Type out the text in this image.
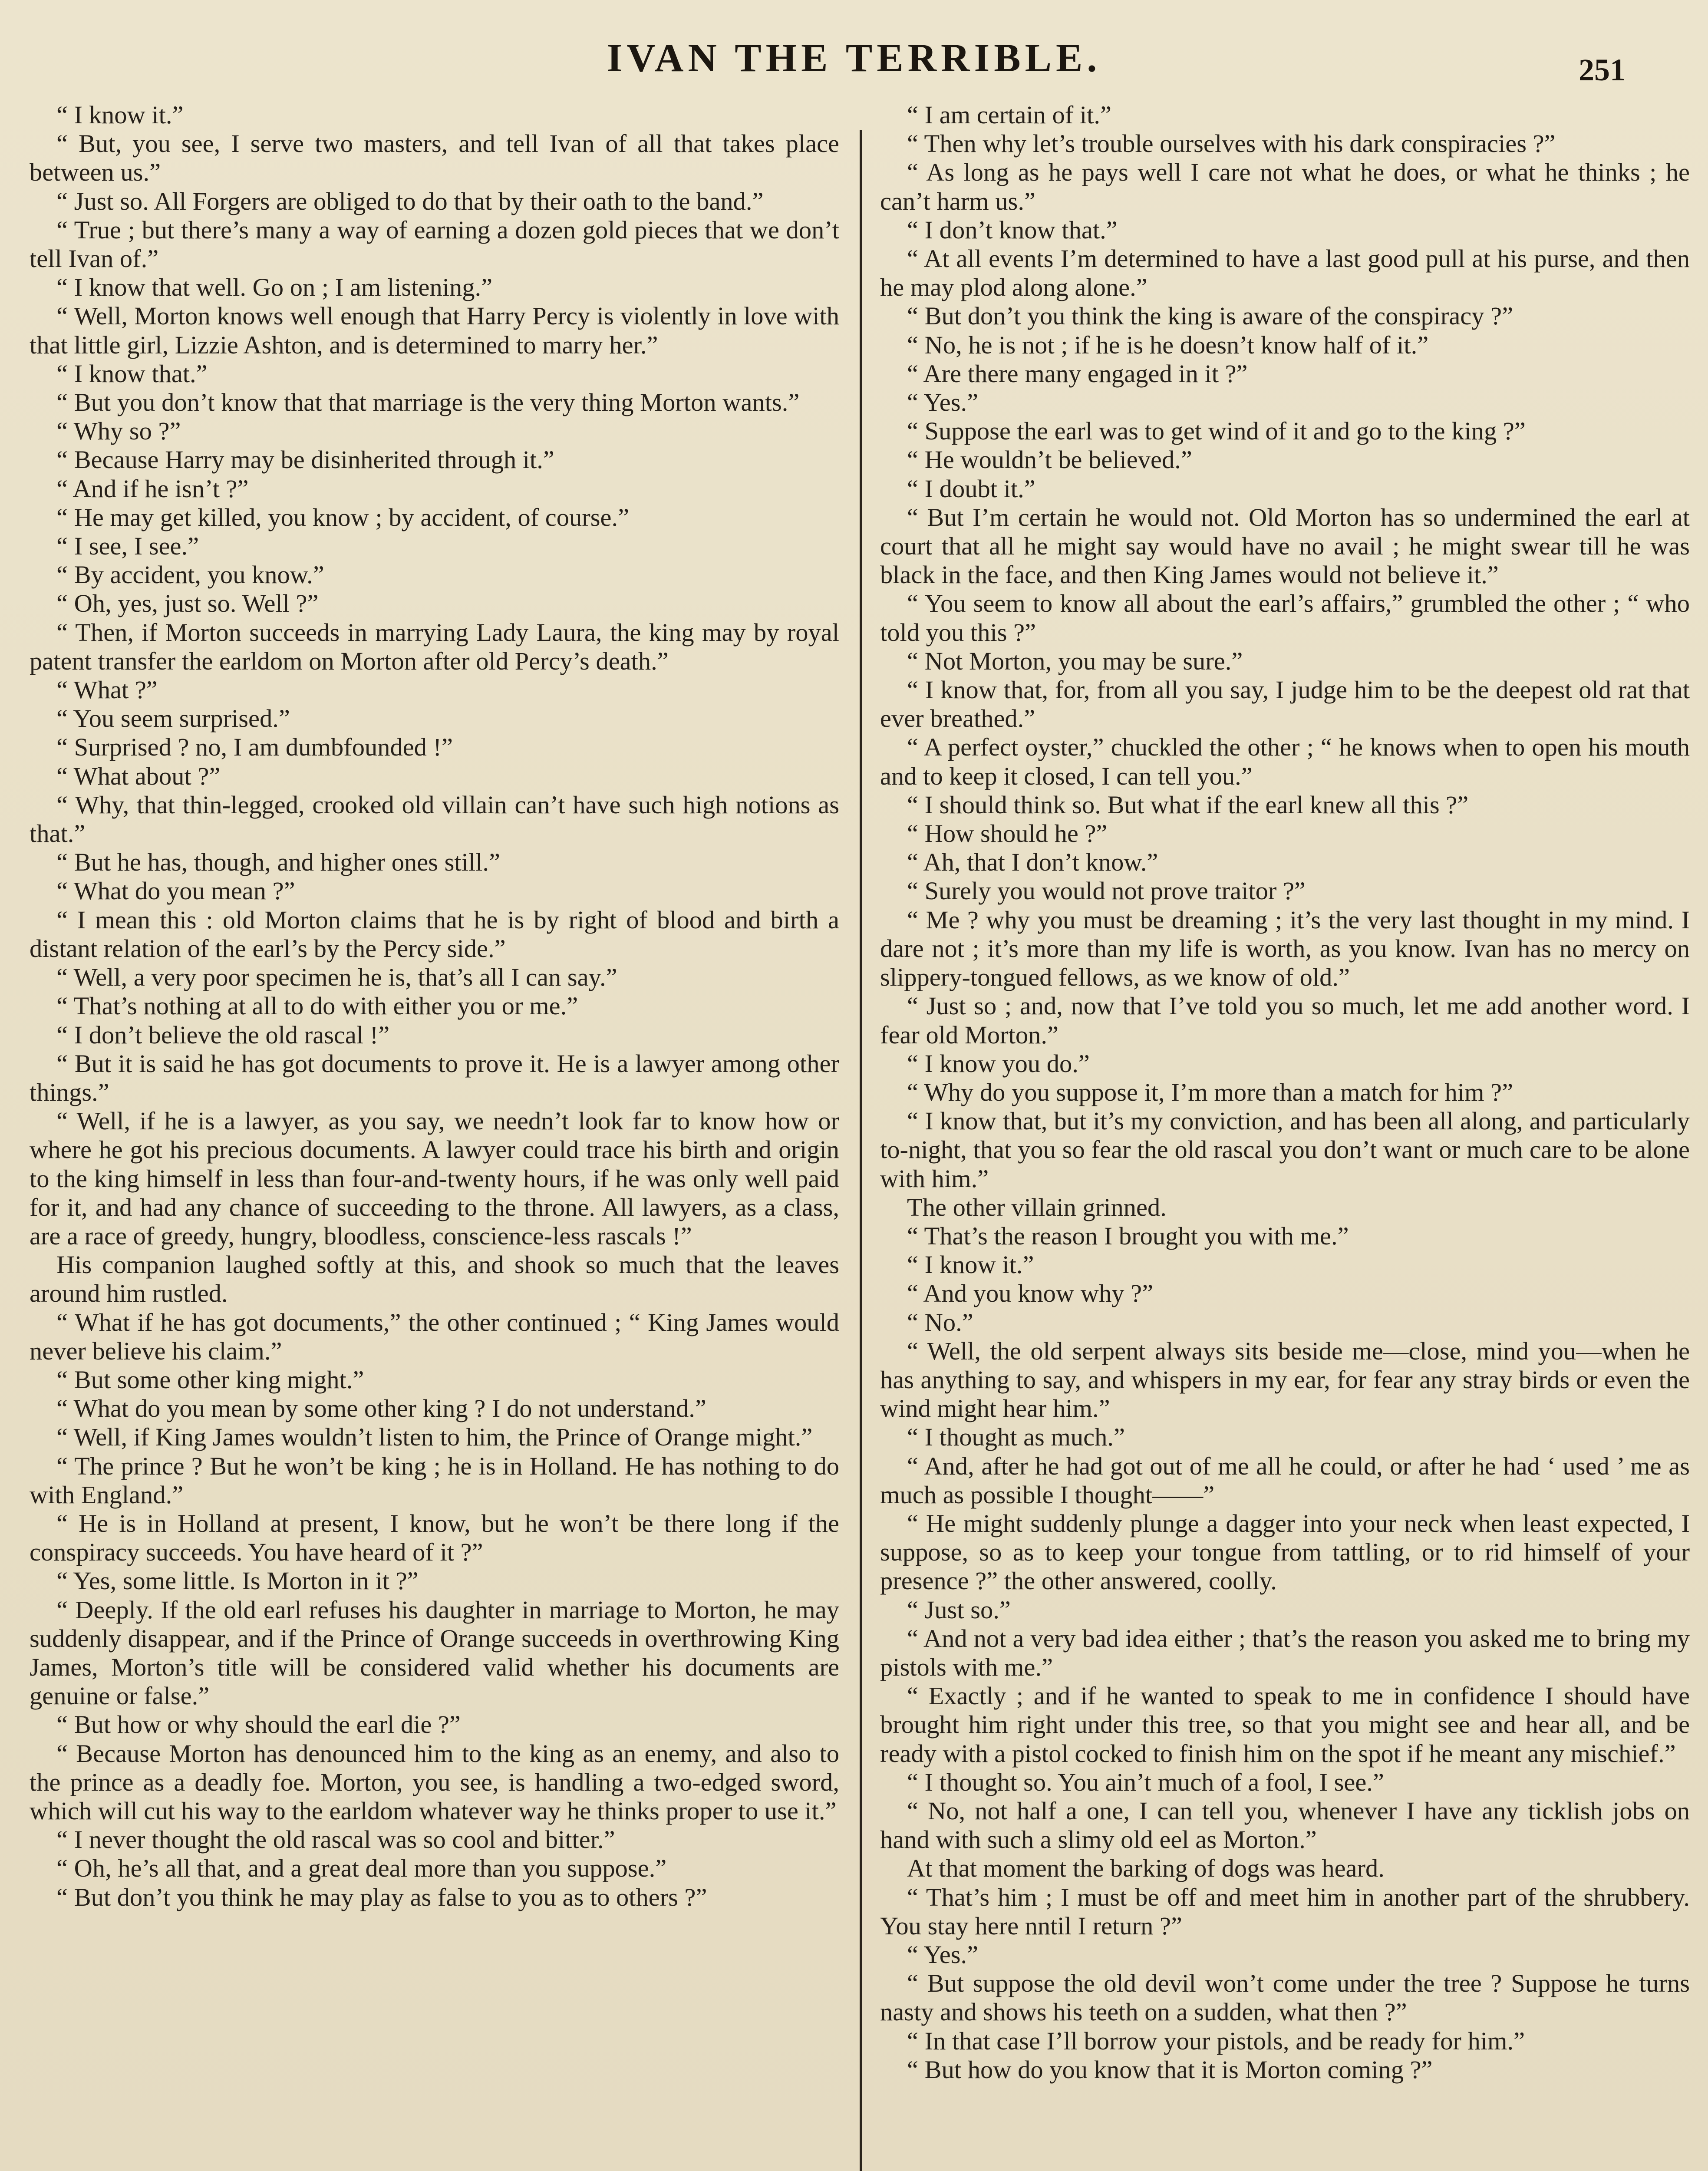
IVAN THE TERRIBLE.	251

“ I know it.”

“ But, you see, I serve two masters, and tell Ivan of all that takes place between us.”

“ Just so. All Forgers are obliged to do that by their oath to the band.”

“ True ; but there’s many a way of earning a dozen gold pieces that we don’t tell Ivan of.”

“ I know that well. Go on ; I am listening.”

“ Well, Morton knows well enough that Harry Percy is violently in love with that little girl, Lizzie Ashton, and is determined to marry her.”

“ I know that.”

“ But you don’t know that that marriage is the very thing Morton wants.”

“ Why so ?”

“ Because Harry may be disinherited through it.”

“ And if he isn’t ?”

“ He may get killed, you know ; by accident, of course.”

“ I see, I see.”

“ By accident, you know.”

“ Oh, yes, just so. Well ?”

“ Then, if Morton succeeds in marrying Lady Laura, the king may by royal patent transfer the earldom on Morton after old Percy’s death.”

“ What ?”

“ You seem surprised.”

“ Surprised ? no, I am dumbfounded !”

“ What about ?”

“ Why, that thin-legged, crooked old villain can’t have such high notions as that.”

“ But he has, though, and higher ones still.”

“ What do you mean ?”

“ I mean this : old Morton claims that he is by right of blood and birth a distant relation of the earl’s by the Percy side.”

“ Well, a very poor specimen he is, that’s all I can say.”

“ That’s nothing at all to do with either you or me.”

“ I don’t believe the old rascal !”

“ But it is said he has got documents to prove it. He is a lawyer among other things.”

“ Well, if he is a lawyer, as you say, we needn’t look far to know how or where he got his precious documents. A lawyer could trace his birth and origin to the king himself in less than four-and-twenty hours, if he was only well paid for it, and had any chance of succeeding to the throne. All lawyers, as a class, are a race of greedy, hungry, bloodless, conscience-less rascals !”

His companion laughed softly at this, and shook so much that the leaves around him rustled.

“ What if he has got documents,” the other continued ; “ King James would never believe his claim.”

“ But some other king might.”

“ What do you mean by some other king ? I do not understand.”

“ Well, if King James wouldn’t listen to him, the Prince of Orange might.”

“ The prince ? But he won’t be king ; he is in Holland. He has nothing to do with England.”

“ He is in Holland at present, I know, but he won’t be there long if the conspiracy succeeds. You have heard of it ?”

“ Yes, some little. Is Morton in it ?”

“ Deeply. If the old earl refuses his daughter in marriage to Morton, he may suddenly disappear, and if the Prince of Orange succeeds in overthrowing King James, Morton’s title will be considered valid whether his documents are genuine or false.”

“ But how or why should the earl die ?”

“ Because Morton has denounced him to the king as an enemy, and also to the prince as a deadly foe. Morton, you see, is handling a two-edged sword, which will cut his way to the earldom whatever way he thinks proper to use it.”

“ I never thought the old rascal was so cool and bitter.”

“ Oh, he’s all that, and a great deal more than you suppose.”

“ But don’t you think he may play as false to you as to others ?”

“ I am certain of it.”

“ Then why let’s trouble ourselves with his dark conspiracies ?”

“ As long as he pays well I care not what he does, or what he thinks ; he can’t harm us.”

“ I don’t know that.”

“ At all events I’m determined to have a last good pull at his purse, and then he may plod along alone.”

“ But don’t you think the king is aware of the conspiracy ?”

“ No, he is not ; if he is he doesn’t know half of it.”

“ Are there many engaged in it ?”

“ Yes.”

“ Suppose the earl was to get wind of it and go to the king ?”

“ He wouldn’t be believed.”

“ I doubt it.”

“ But I’m certain he would not. Old Morton has so undermined the earl at court that all he might say would have no avail ; he might swear till he was black in the face, and then King James would not believe it.”

“ You seem to know all about the earl’s affairs,” grumbled the other ; “ who told you this ?”

“ Not Morton, you may be sure.”

“ I know that, for, from all you say, I judge him to be the deepest old rat that ever breathed.”

“ A perfect oyster,” chuckled the other ; “ he knows when to open his mouth and to keep it closed, I can tell you.”

“ I should think so. But what if the earl knew all this ?”

“ How should he ?”

“ Ah, that I don’t know.”

“ Surely you would not prove traitor ?”

“ Me ? why you must be dreaming ; it’s the very last thought in my mind. I dare not ; it’s more than my life is worth, as you know. Ivan has no mercy on slippery-tongued fellows, as we know of old.”

“ Just so ; and, now that I’ve told you so much, let me add another word. I fear old Morton.”

“ I know you do.”

“ Why do you suppose it, I’m more than a match for him ?”

“ I know that, but it’s my conviction, and has been all along, and particularly to-night, that you so fear the old rascal you don’t want or much care to be alone with him.”

The other villain grinned.

“ That’s the reason I brought you with me.”

“ I know it.”

“ And you know why ?”

“ No.”

“ Well, the old serpent always sits beside me—close, mind you—when he has anything to say, and whispers in my ear, for fear any stray birds or even the wind might hear him.”

“ I thought as much.”

“ And, after he had got out of me all he could, or after he had ‘ used ’ me as much as possible I thought——”

“ He might suddenly plunge a dagger into your neck when least expected, I suppose, so as to keep your tongue from tattling, or to rid himself of your presence ?” the other answered, coolly.

“ Just so.”

“ And not a very bad idea either ; that’s the reason you asked me to bring my pistols with me.”

“ Exactly ; and if he wanted to speak to me in confidence I should have brought him right under this tree, so that you might see and hear all, and be ready with a pistol cocked to finish him on the spot if he meant any mischief.”

“ I thought so. You ain’t much of a fool, I see.”

“ No, not half a one, I can tell you, whenever I have any ticklish jobs on hand with such a slimy old eel as Morton.”

At that moment the barking of dogs was heard.

“ That’s him ; I must be off and meet him in another part of the shrubbery. You stay here nntil I return ?”

“ Yes.”

“ But suppose the old devil won’t come under the tree ? Suppose he turns nasty and shows his teeth on a sudden, what then ?”

“ In that case I’ll borrow your pistols, and be ready for him.”

“ But how do you know that it is Morton coming ?”
